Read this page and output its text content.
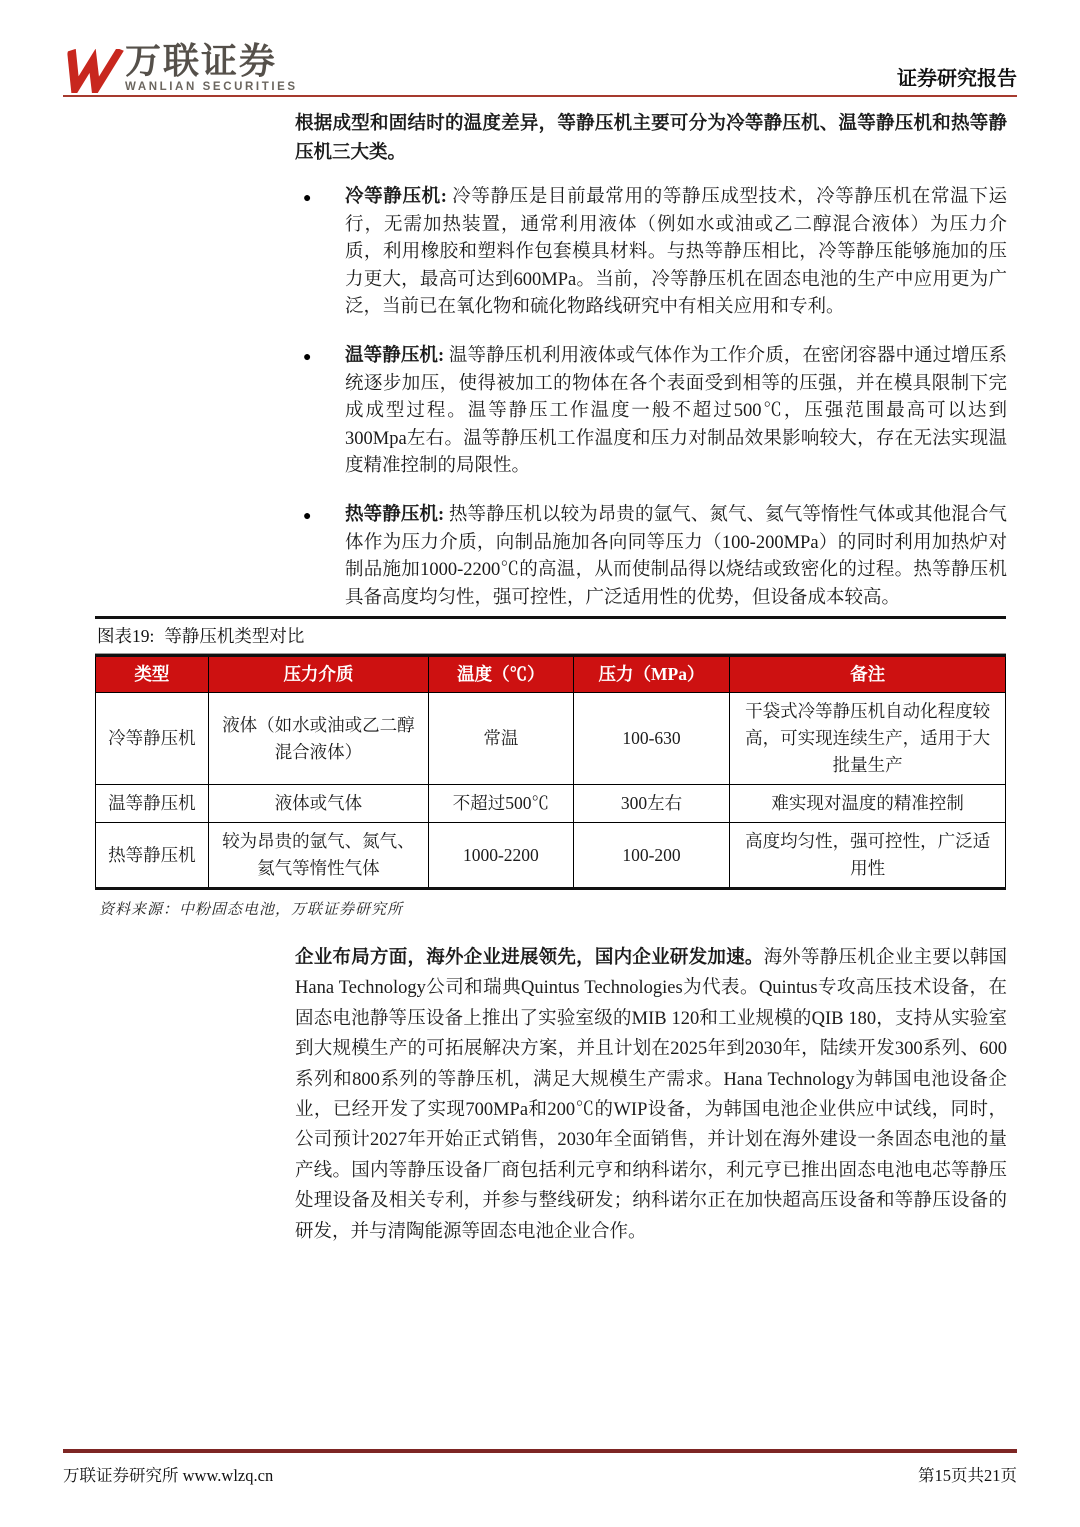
万联证券
WANLIAN SECURITIES	证券研究报告

根据成型和固结时的温度差异，等静压机主要可分为冷等静压机、温等静压机和热等静压机三大类。

● 冷等静压机: 冷等静压是目前最常用的等静压成型技术，冷等静压机在常温下运行，无需加热装置，通常利用液体（例如水或油或乙二醇混合液体）为压力介质，利用橡胶和塑料作包套模具材料。与热等静压相比，冷等静压能够施加的压力更大，最高可达到600MPa。当前，冷等静压机在固态电池的生产中应用更为广泛，当前已在氧化物和硫化物路线研究中有相关应用和专利。
● 温等静压机: 温等静压机利用液体或气体作为工作介质，在密闭容器中通过增压系统逐步加压，使得被加工的物体在各个表面受到相等的压强，并在模具限制下完成成型过程。温等静压工作温度一般不超过500℃，压强范围最高可以达到300Mpa左右。温等静压机工作温度和压力对制品效果影响较大，存在无法实现温度精准控制的局限性。
● 热等静压机: 热等静压机以较为昂贵的氩气、氮气、氦气等惰性气体或其他混合气体作为压力介质，向制品施加各向同等压力（100-200MPa）的同时利用加热炉对制品施加1000-2200℃的高温，从而使制品得以烧结或致密化的过程。热等静压机具备高度均匀性，强可控性，广泛适用性的优势，但设备成本较高。
图表19: 等静压机类型对比
类型	压力介质	温度（℃）	压力（MPa）	备注
冷等静压机	液体（如水或油或乙二醇混合液体）	常温	100-630	干袋式冷等静压机自动化程度较高，可实现连续生产，适用于大批量生产
温等静压机	液体或气体	不超过500℃	300左右	难实现对温度的精准控制
热等静压机	较为昂贵的氩气、氮气、氦气等惰性气体	1000-2200	100-200	高度均匀性，强可控性，广泛适用性
资料来源：中粉固态电池，万联证券研究所

企业布局方面，海外企业进展领先，国内企业研发加速。海外等静压机企业主要以韩国Hana Technology公司和瑞典Quintus Technologies为代表。Quintus专攻高压技术设备，在固态电池静等压设备上推出了实验室级的MIB 120和工业规模的QIB 180，支持从实验室到大规模生产的可拓展解决方案，并且计划在2025年到2030年，陆续开发300系列、600系列和800系列的等静压机，满足大规模生产需求。Hana Technology为韩国电池设备企业，已经开发了实现700MPa和200℃的WIP设备，为韩国电池企业供应中试线，同时，公司预计2027年开始正式销售，2030年全面销售，并计划在海外建设一条固态电池的量产线。国内等静压设备厂商包括利元亨和纳科诺尔，利元亨已推出固态电池电芯等静压处理设备及相关专利，并参与整线研发；纳科诺尔正在加快超高压设备和等静压设备的研发，并与清陶能源等固态电池企业合作。

万联证券研究所 www.wlzq.cn	第15页共21页
